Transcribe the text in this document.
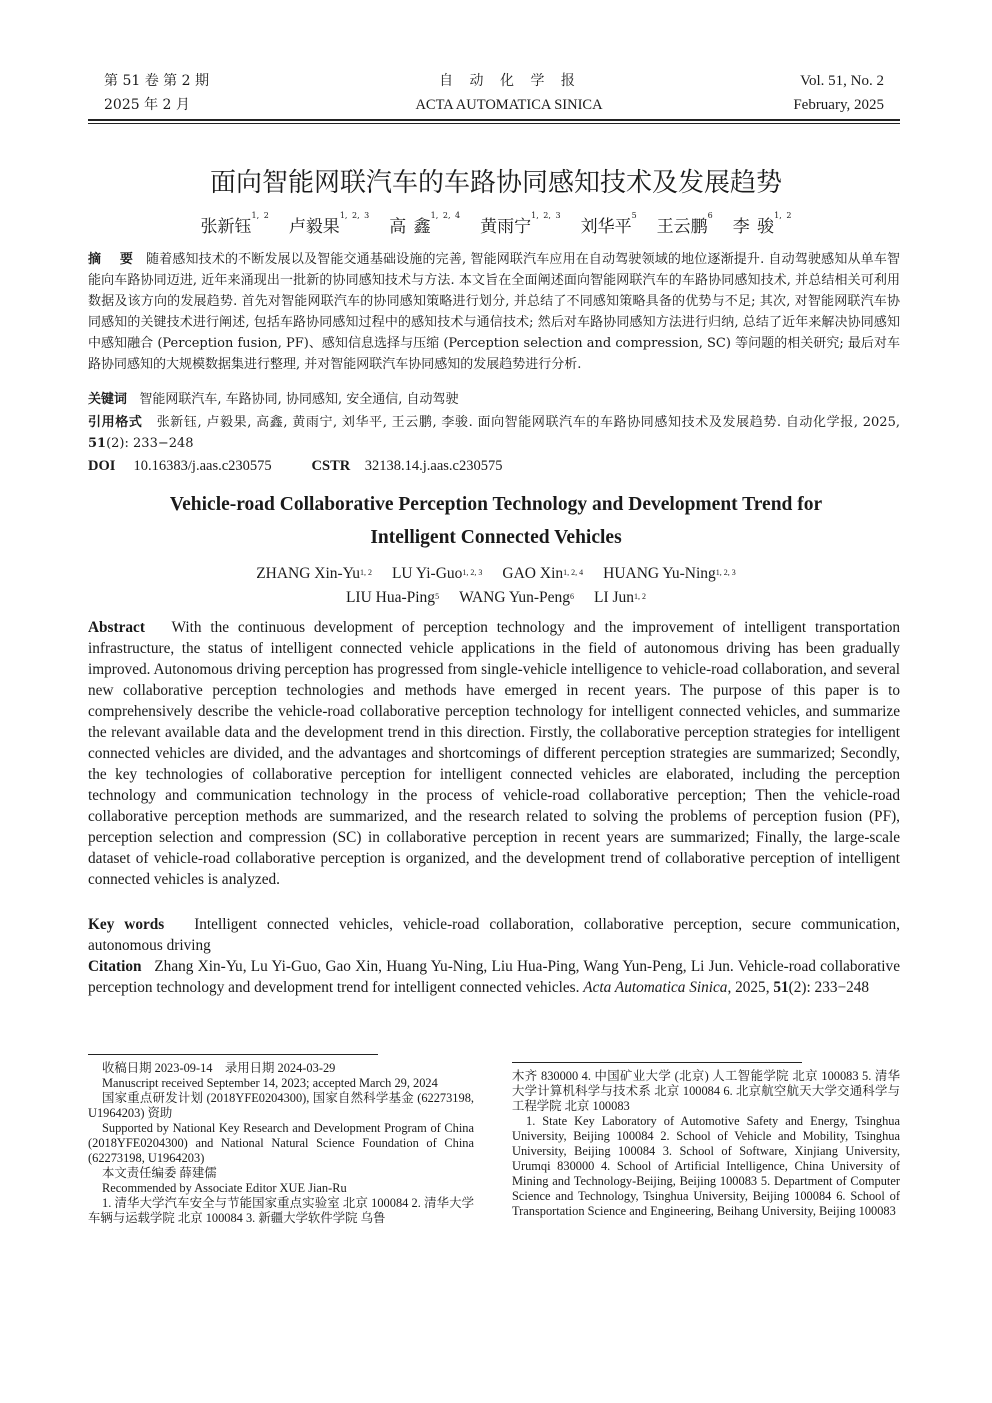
第 51 卷 第 2 期
2025 年 2 月
自 动 化 学 报
ACTA AUTOMATICA SINICA
Vol. 51, No. 2
February, 2025
面向智能网联汽车的车路协同感知技术及发展趋势
张新钰$^{1, 2}$卢毅果$^{1, 2, 3}$高 鑫$^{1, 2, 4}$黄雨宁$^{1, 2, 3}$刘华平$^5$王云鹏$^6$李 骏$^{1, 2}$
摘    要 随着感知技术的不断发展以及智能交通基础设施的完善, 智能网联汽车应用在自动驾驶领域的地位逐渐提升. 自动驾驶感知从单车智能向车路协同迈进, 近年来涌现出一批新的协同感知技术与方法. 本文旨在全面阐述面向智能网联汽车的车路协同感知技术, 并总结相关可利用数据及该方向的发展趋势. 首先对智能网联汽车的协同感知策略进行划分, 并总结了不同感知策略具备的优势与不足; 其次, 对智能网联汽车协同感知的关键技术进行阐述, 包括车路协同感知过程中的感知技术与通信技术; 然后对车路协同感知方法进行归纳, 总结了近年来解决协同感知中感知融合 (Perception fusion, PF)、感知信息选择与压缩 (Perception selection and compression, SC) 等问题的相关研究; 最后对车路协同感知的大规模数据集进行整理, 并对智能网联汽车协同感知的发展趋势进行分析.
关键词 智能网联汽车, 车路协同, 协同感知, 安全通信, 自动驾驶
引用格式 张新钰, 卢毅果, 高鑫, 黄雨宁, 刘华平, 王云鹏, 李骏. 面向智能网联汽车的车路协同感知技术及发展趋势. 自动化学报, 2025, 51(2): 233−248
DOI 10.16383/j.aas.c230575	CSTR 32138.14.j.aas.c230575
Vehicle-road Collaborative Perception Technology and Development Trend for
Intelligent Connected Vehicles
ZHANG Xin-Yu$^{1, 2}$ LU Yi-Guo$^{1, 2, 3}$ GAO Xin$^{1, 2, 4}$ HUANG Yu-Ning$^{1, 2, 3}$
LIU Hua-Ping$^5$ WANG Yun-Peng$^6$ LI Jun$^{1, 2}$
Abstract With the continuous development of perception technology and the improvement of intelligent transportation infrastructure, the status of intelligent connected vehicle applications in the field of autonomous driving has been gradually improved. Autonomous driving perception has progressed from single-vehicle intelligence to vehicle-road collaboration, and several new collaborative perception technologies and methods have emerged in recent years. The purpose of this paper is to comprehensively describe the vehicle-road collaborative perception technology for intelligent connected vehicles, and summarize the relevant available data and the development trend in this direction. Firstly, the collaborative perception strategies for intelligent connected vehicles are divided, and the advantages and shortcomings of different perception strategies are summarized; Secondly, the key technologies of collaborative perception for intelligent connected vehicles are elaborated, including the perception technology and communication technology in the process of vehicle-road collaborative perception; Then the vehicle-road collaborative perception methods are summarized, and the research related to solving the problems of perception fusion (PF), perception selection and compression (SC) in collaborative perception in recent years are summarized; Finally, the large-scale dataset of vehicle-road collaborative perception is organized, and the development trend of collaborative perception of intelligent connected vehicles is analyzed.
Key words Intelligent connected vehicles, vehicle-road collaboration, collaborative perception, secure communication, autonomous driving
Citation Zhang Xin-Yu, Lu Yi-Guo, Gao Xin, Huang Yu-Ning, Liu Hua-Ping, Wang Yun-Peng, Li Jun. Vehicle-road collaborative perception technology and development trend for intelligent connected vehicles. Acta Automatica Sinica, 2025, 51(2): 233−248

收稿日期 2023-09-14    录用日期 2024-03-29

Manuscript received September 14, 2023; accepted March 29, 2024

国家重点研发计划 (2018YFE0204300), 国家自然科学基金 (62273198, U1964203) 资助

Supported by National Key Research and Development Program of China (2018YFE0204300) and National Natural Science Foundation of China (62273198, U1964203)

本文责任编委 薛建儒

Recommended by Associate Editor XUE Jian-Ru

1. 清华大学汽车安全与节能国家重点实验室 北京 100084 2. 清华大学车辆与运载学院 北京 100084 3. 新疆大学软件学院 乌鲁

木齐 830000 4. 中国矿业大学 (北京) 人工智能学院 北京 100083 5. 清华大学计算机科学与技术系 北京 100084 6. 北京航空航天大学交通科学与工程学院 北京 100083

1. State Key Laboratory of Automotive Safety and Energy, Tsinghua University, Beijing 100084 2. School of Vehicle and Mobility, Tsinghua University, Beijing 100084 3. School of Software, Xinjiang University, Urumqi 830000 4. School of Artificial Intelligence, China University of Mining and Technology-Beijing, Beijing 100083 5. Department of Computer Science and Technology, Tsinghua University, Beijing 100084 6. School of Transportation Science and Engineering, Beihang University, Beijing 100083
